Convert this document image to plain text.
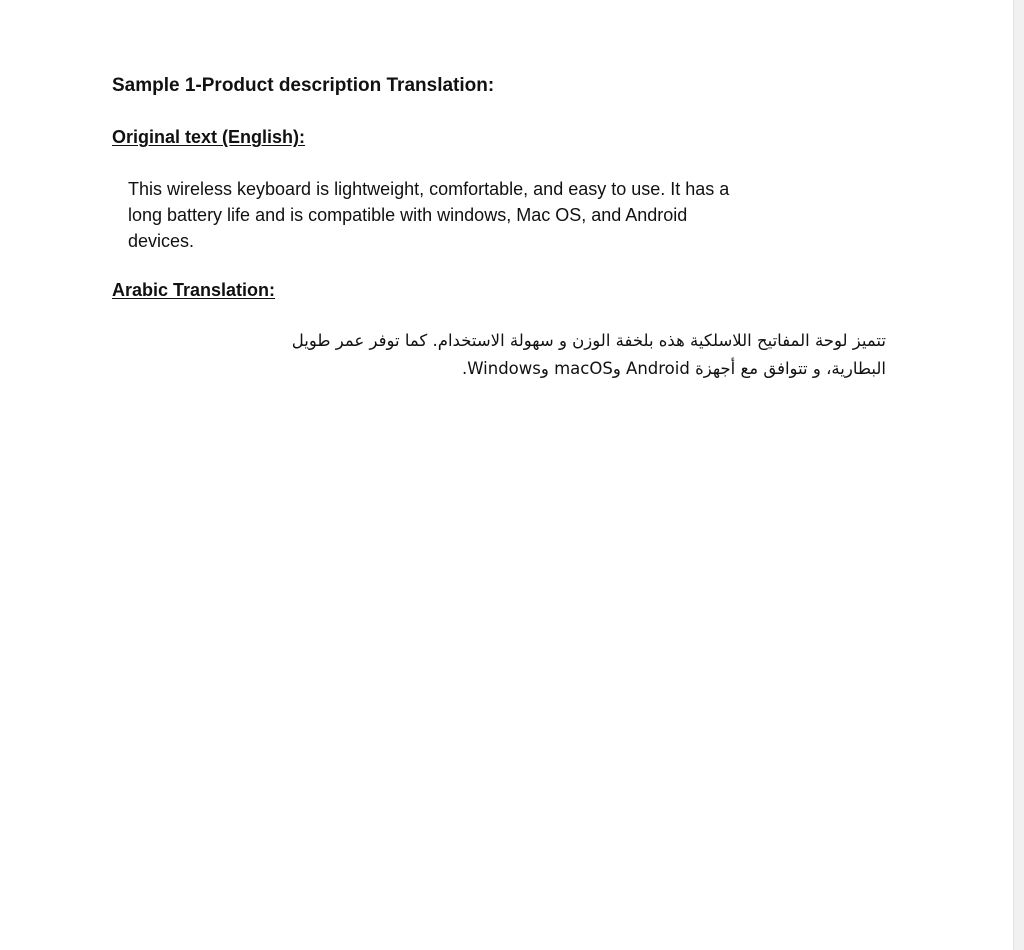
Sample 1-Product description Translation:
Original text (English):

This wireless keyboard is lightweight, comfortable, and easy to use. It has a long battery life and is compatible with windows, Mac OS, and Android devices.

Arabic Translation:

تتميز لوحة المفاتيح اللاسلكية هذه بلخفة الوزن و سهولة الاستخدام. كما توفر عمر طويل البطارية، و تتوافق مع أجهزة Android وmacOS وWindows.
